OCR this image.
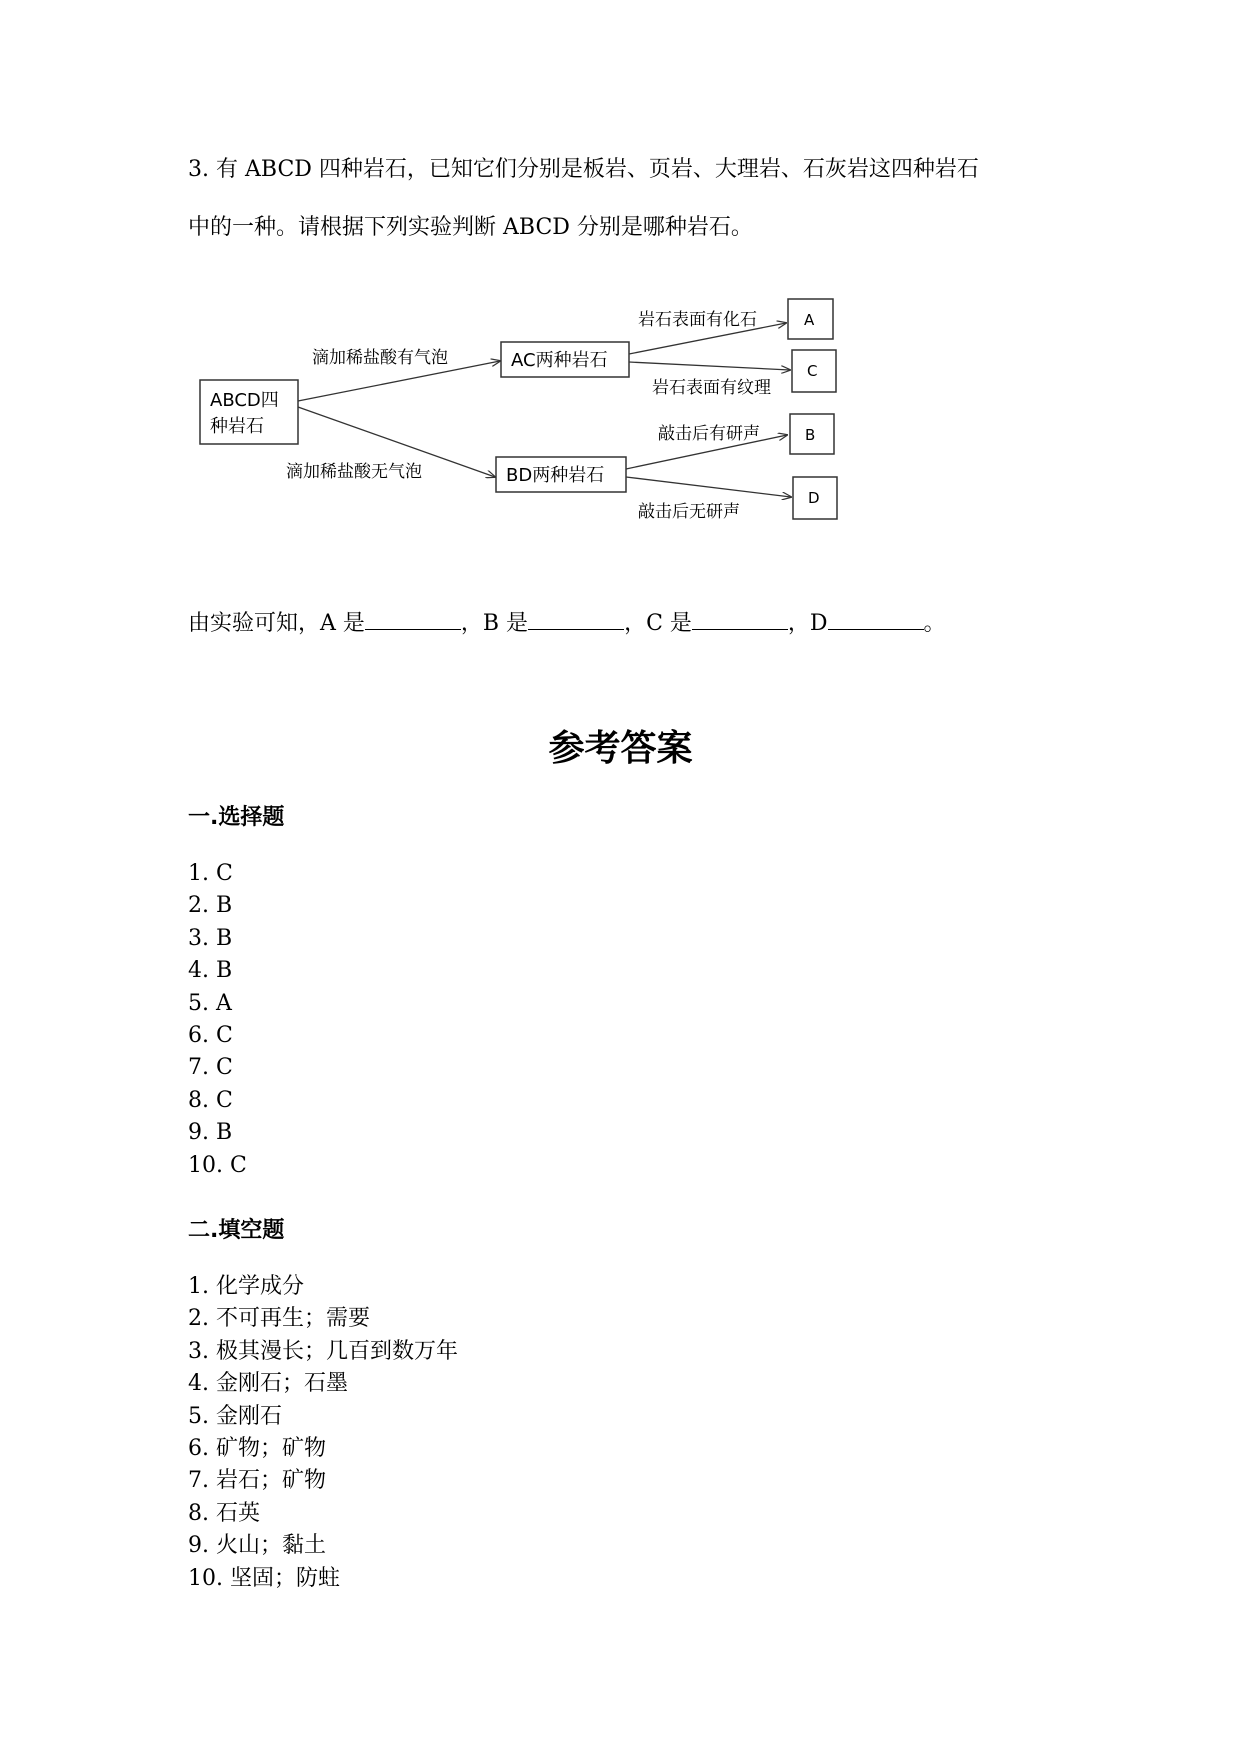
3. 有 ABCD 四种岩石，已知它们分别是板岩、页岩、大理岩、石灰岩这四种岩石
中的一种。请根据下列实验判断 ABCD 分别是哪种岩石。
ABCD四
种岩石
滴加稀盐酸有气泡
滴加稀盐酸无气泡
AC两种岩石
BD两种岩石
岩石表面有化石
岩石表面有纹理
敲击后有研声
敲击后无研声
A
C
B
D
由实验可知，A 是	，B 是	，C 是	，D	。
参考答案
一.选择题
1. C
2. B
3. B
4. B
5. A
6. C
7. C
8. C
9. B
10. C
二.填空题
1. 化学成分
2. 不可再生；需要
3. 极其漫长；几百到数万年
4. 金刚石；石墨
5. 金刚石
6. 矿物；矿物
7. 岩石；矿物
8. 石英
9. 火山；黏土
10. 坚固；防蛀
